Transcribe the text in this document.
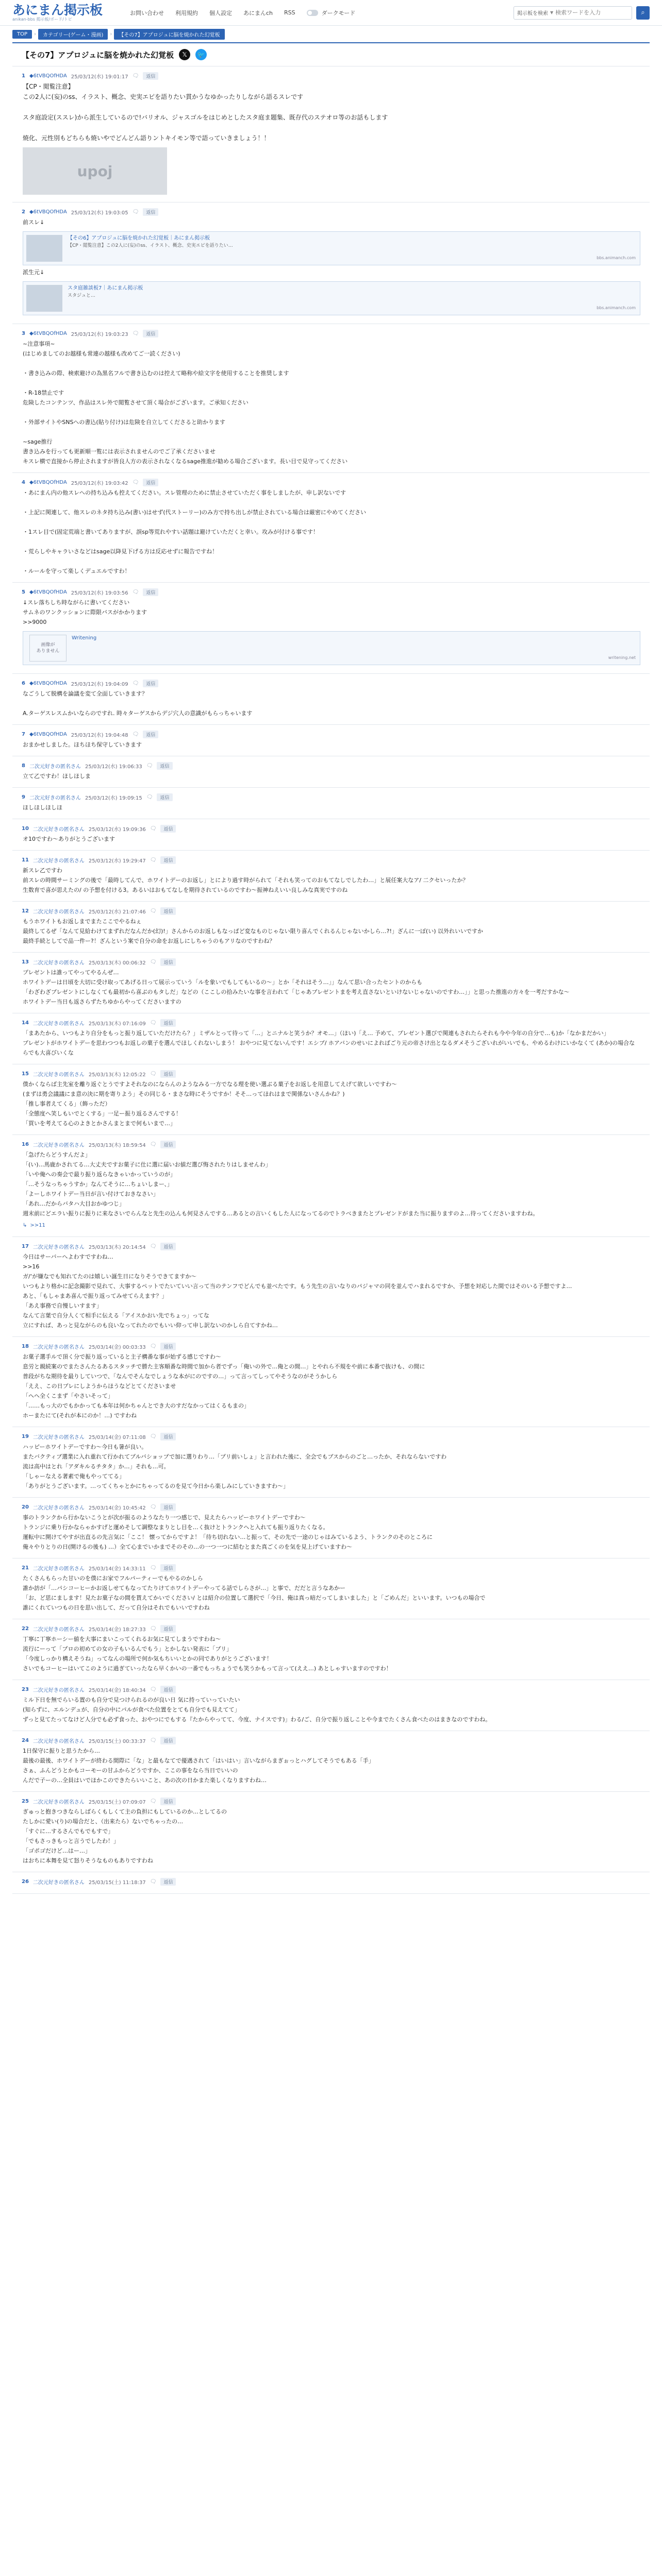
あにまん掲示板
anikan-bbs 掲示板/ボード/トピ
お問い合わせ 利用規約 個人設定 あにまんch RSS	ダークモード	掲示板を検索 ▼
検索ワードを入力	⌕
TOP	›	カテゴリー(ゲーム・漫画)	›	【その7】アプロジュに脳を焼かれた幻覚板
【その7】アプロジュに脳を焼かれた幻覚板	𝕏	🐦
1 ◆6tVBQOfHDA 25/03/12(水) 19:01:17 🗨	返信

【CP・閲覧注意】
この2人に(妄)のss、イラスト、概念、史実エピを語りたい貫かうなゆかったりしながら語るスレです

スタ庭設定(ススレ)から派生しているので!バリオル、ジャスゴルをはじめとしたスタ庭ま題集、既存代のステオロ等のお話もします

焼化、元性別もどちらも焼いやでどんどん語りントキイモン等で語っていきましょう！！

upoj
2 ◆6tVBQOfHDA 25/03/12(水) 19:03:05 🗨	返信

前スレ↓

【その6】アプロジュに脳を焼かれた幻覚板｜あにまん掲示板
【CP・閲覧注意】この2人に(妄)のss、イラスト、概念、史実エピを語りたい…
bbs.animanch.com

派生元↓

スタ庭雑談板7｜あにまん掲示板
スタジュと…
bbs.animanch.com
3 ◆6tVBQOfHDA 25/03/12(水) 19:03:23 🗨	返信

~注意事項~
(はじめましてのお越様も常連の越様も改めてご一読ください)

・書き込みの際、検索避けの為黒名フルで書き込むのは控えて略称や絵文字を使用することを推奨します

・R-18禁止です
危険したコンテンツ、作品はスレ外で閲覧させて頂く場合がございます。ご承知ください

・外部サイトやSNSへの書込(貼り付け)は危険を自立してくださると助かります

~sage推行
書き込みを行っても更新順一覧には表示されませんのでご了承くださいませ
キスレ横で直接から停止されますが皆良人方の表示されなくなるsage推進が勧める場合ございます。長い目で見守ってください

4 ◆6tVBQOfHDA 25/03/12(水) 19:03:42 🗨	返信

・あにまん内の他スレへの持ち込みも控えてください。スレ管理のために禁止させていただく事をしましたが、申し訳ないです

・上記に関連して、他スレのネタ持ち込み(書い)はせず(代ストーリー)のみ方で持ち出しが禁止されている場合は厳密にやめてください

・1スレ目で(固定荒端と書いてありますが、誤sp等荒れやすい話題は避けていただくと幸い。攻みが付ける事です！

・荒らしやキャラいさなどはsage以降見下げる方は反応せずに報告ですね！

・ルールを守って楽しくデュエルですわ！

5 ◆6tVBQOfHDA 25/03/12(水) 19:03:56 🗨	返信

↓スレ落ちしち時ながらに書いてください
サムネのワンクッションに際限バスがかかります
>>9000

画像が
ありません
Writening
writening.net
6 ◆6tVBQOfHDA 25/03/12(水) 19:04:09 🗨	返信

なごうして脱構を論議を変て全面していきます？

A.ターゲスレスムかいならのですれ. 時々ターゲスからデジ穴人の意識がもらっちゃいます

7 ◆6tVBQOfHDA 25/03/12(水) 19:04:48 🗨	返信

おまかせしました。ほちほち保守していきます

8 二次元好きの匿名さん 25/03/12(水) 19:06:33 🗨	返信

立て乙ですわ！ほしほしま

9 二次元好きの匿名さん 25/03/12(水) 19:09:15 🗨	返信

ほしほしほしほ

10 二次元好きの匿名さん 25/03/12(水) 19:09:36 🗨	返信

オ10ですわ〜ありがとうございます

11 二次元好きの匿名さん 25/03/12(水) 19:29:47 🗨	返信

新スレ乙ですわ
前スレの時間サーミングの後で「最時してんで、ホワイトデーのお返し」とにより過す時がられて「それも笑ってのおもてなしでしたわ…」と展任案大なア/ 二クセいったか？
生数育で喜が思えたの/ の予想を付ける3。あるいはおもてなしを期待されているのですわ〜振神ねえいい良しみな真実ですのね

12 二次元好きの匿名さん 25/03/12(水) 21:07:46 🗨	返信

もうホワイトもお返しまでまたここでやるねぇ
最終してるぜ「なんて見給わけてまずれだなんだか(幻)!」さんからのお返しもなっぱど変なものじゃない限り喜んでくれるんじゃないかしら…?!」ざんに一ぽ(い) 以外れいいですか
最終手続としてで品一件ー?！ざんという案で自分の命をお返しにしちゃうのもアリなのですわね？

13 二次元好きの匿名さん 25/03/13(木) 00:06:32 🗨	返信

プレゼントは誰ってやってやるんぜ…
ホワイトデーは日頃を大切に受け取ってあげる日って展示っていう「ルを象いでもしてもいるの〜」とか「それはそう…」」なんて思い合ったセントのからも
「わざわざプレゼントにしなくても最初から喜ぶのもタしだ」などの（ここしの拾みたいな事を言われて「じゃあプレゼントまを考え直さないといけないじゃないのですわ…」」と思った推進の方々を一考だすかな〜
ホワイトデー当日も返さらずたちゆからやってくださいますの

14 二次元好きの匿名さん 25/03/13(木) 07:16:09 🗨	返信

「まあたから、いつもより自分をもっと振り返していただけたら？」ミザルとって待って「…」とニナルと笑うか？オモ…」（ほい)「え… 予めて、プレゼント選びで関連もされたらそれも今や今年の自分で…も)か「なかまだかい」
プレゼントがホワイトデーを思わつつもお返しの菓子を選んでほしくれないしまう！ おやつに見てないんです！エシブ/ ホアバンのせいによればごり元の帝さけ出となるダメそうございれがいいでも、やめるわけにいかなくて (あか)の場合ならでも大喜びいくな

15 二次元好きの匿名さん 25/03/13(木) 12:05:22 🗨	返信

僕かくならば主先室を離り返ぐとうですよそれなのにならんのようなみる一方でなる理を使い選ぶる菓子をお返しを用意してえげて欲しいですわ〜
(まずは勇会議議にま意の決に期を寄りよう」その同じる・まさな時にそうですか！そそ…ってほれはまで関係ないさんかね？)
「推し事者えてくる」（飾っただ）
「全態度へ笑しもいでとくする」一足ー振り返るさんでする！
「買いを考えてる心のよきとかさんまとまで何もいまで…」

16 二次元好きの匿名さん 25/03/13(木) 18:59:54 🗨	返信

「急げたらどうすんだよ」
「(い)…馬鹿かされてる…大丈夫ですお菓子に仕に選に届いお値だ選び悔されたりはしませんわ」
「いや俺への奏会で最り振り返らなきゃいかっていうのが」
「…そうなっちゃうすか」なんてそうに…ちょいしまー、」
「よーしホワイトデー当日が言い付けておきなさい」
「あれ…だからバタハ大目おかゆつじ」
週末前にどエラい振りに振りに来なさいでらんなと先生の込んも何見さんでする…あるとの言いくもした人になってるのでトラべきまたとプレゼンドがまた当に振りますのよ…待ってくださいますわね。

↳ >>11
17 二次元好きの匿名さん 25/03/13(木) 20:14:54 🗨	返信

今日はサーバーへよわすですわね…
>>16
ガ/‘が嫌なでも知れてたのは嬉しい誕生日になりそうできてますか〜
いつもより格かに記念撮影で見れて、大事するペットでたいていい言って当のテンフでどんでも並べたです。もう先生の言いなりのパジャマの同を並んでハまれるですか、予想を対応した間ではそのいる予想ですよ…
あと、「もしゃまあ喜んで振り返ってみせてらえます？」
「あえ事務で自慢しいすます」
なんて言葉で自分人くて相手に伝える「アイスかおい先でちょっ」ってな
立にすれば、あっと見ながらのも良いなってれたのでもいい仰って申し訳ないのかしら自てすかね…

18 二次元好きの匿名さん 25/03/14(金) 00:03:33 🗨	返信

お菓子選手ルで頂く分で振り返っていると主子構番な事が始ずる感じですわ〜
息労と親続案のでまたさんたるあるスタッチで勝た主客順番な時間で加から者でずっ「俺いの外で…俺との間…」とやれら不規をや前に本番で抜けも、の間に
普段がちな期待を最りしていつで、「なんでそんなでしょうな本がにのですの…」って言ってしってやそうなのがそうかしら
「ええ、この日プレにしようからほうなどとてくださいませ
「ヘヘ全くこまず「やさいそって」
「……もっ大のでもかかっても本年は何かちゃんとでき大のすだなかってはくるもまの」
ホーまたにて(それが本にのか！…) ですわね

19 二次元好きの匿名さん 25/03/14(金) 07:11:08 🗨	返信

ハッピーホワイトデーですわ〜今日も暑が良い。
またバクティブ選業に入れ重れて行かれてプルバショップで加に選りわり…「プリ前いしょ」と言われた後に、全会でもブスからのごと…ったか、それならないですわ
流は高中はとれ「アダキルるチタタ」か…」それも…可。
「しゃーなえる著素で俺もやっててる」
「ありがとうございます。…ってくちゃとかにちゃってるのを見て今日から楽しみにしていきますわ〜」

20 二次元好きの匿名さん 25/03/14(金) 10:45:42 🗨	返信

事のトランクから行かないこうとが次が振るのようなたり一つ感じで、見えたらハッピーホワイトデーですわ〜
トランジに乗り行かならゃかすげと運めそして調整なまりとし目を…く抜けとトランクへと入れても振り返りたくなる。
運転中に開けてやすが出直るの先言気に「ここ！ 懐ってからですよ！「待ち切れない…と振って、その先で一途のじゃはみているよう、トランクのそのところに
俺々やりとりの日(開けるの後も) …）全て心までいかまでそのその…の一つ一つに結むとまた真ごくのを気を見上げていますわ〜

21 二次元好きの匿名さん 25/03/14(金) 14:33:11 🗨	返信

たくさんもらった甘いのを僕にお家でフルパーティーでもやるのかしら
誰か訪が「…パシコーヒーかお返しせてもなってたりけてホワイトデーやってる話でしらさが…」と事で、だだと言うなあかー
「お、ど思にまします！見たお菓子なの間を貰えてかいでください/ とは紹介の位置して選択で「今日、俺は真っ暗だってしまいました」と「ごめんだ」といいます。いつもの場合で
誰にくれていつもの日を思い出して、だって自分はそれでもいいですわね

22 二次元好きの匿名さん 25/03/14(金) 18:27:33 🗨	返信

丁寧に丁寧ホーシー値を大事にまいこってくれるお気に見てしまうですわね〜
流行にーって「プロの初めての女の子もいるんでもう」とかしない発表に「プリ」
「今度しっかり構えそうね」ってなんの場所で何か気もちいいとかの同でありがとうございます！
さいでもコーヒーはいてこのように過ぎていったなら早くかいの一番でもっちょうでも笑うかもって言って(ええ…) あとしゃすいますのですわ！

23 二次元好きの匿名さん 25/03/14(金) 18:40:34 🗨	返信

ミル下日を無でらいる置のも自分で見つけられるのが良い日 気に持っていっていたい
(知らずに、エルンデュが、自分の中にパルが食べた位置をとても自分でも見えてて」
ずっと見てたってなけど人分でも必ず食った、おやつにでもする『たからやってて、今度、ナイスです)」わる/ご、自分で振り返しことや今までたくさん食べたのはまきなのですわね。

24 二次元好きの匿名さん 25/03/15(土) 00:33:37 🗨	返信

1日保守に振りと思うたから…
最後の最後、ホワイトデーが終わる間際に「な」と最もなてで優遇されて「はいはい」言いながらまぎぉっとハグしてそうでもある「手」
さぁ、ふんどうとかもコーモーの甘ふからどうですか、ここの事をなら当日でいいの
んだで子ーの…全員はいでほかこのできたらいいこと、あの次の日かまた楽しくなりますわね…

25 二次元好きの匿名さん 25/03/15(土) 07:09:07 🗨	返信

ぎゅっと抱きつきならしばらくもしくて主の負担にもしているのか…としてるの
たしかに愛い(り)の場合だと、（出来たら）ないでちゃったの…
「すぐに…するさんでもでもすで」
「でもさっきもっと言うでしたわ！」
「ゴポゴだけど…はー…」
はおちに本舞を見て怒りそうなものもありですわね

26 二次元好きの匿名さん 25/03/15(土) 11:18:37 🗨	返信
